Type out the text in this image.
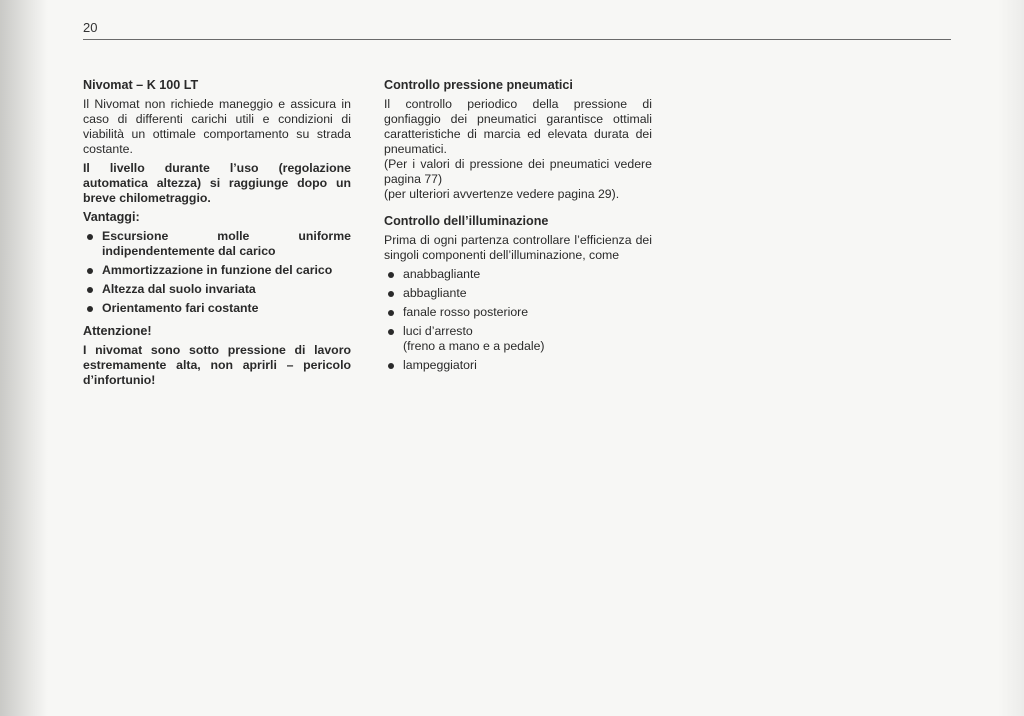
20
Nivomat – K 100 LT
Il Nivomat non richiede maneggio e assicura in caso di differenti carichi utili e condizioni di viabilità un ottimale comportamento su strada costante.
Il livello durante l’uso (regolazione automatica altezza) si raggiunge dopo un breve chilometraggio.
Vantaggi:
Escursione molle uniforme indipendentemente dal carico
Ammortizzazione in funzione del carico
Altezza dal suolo invariata
Orientamento fari costante
Attenzione!
I nivomat sono sotto pressione di lavoro estremamente alta, non aprirli – pericolo d’infortunio!
Controllo pressione pneumatici
Il controllo periodico della pressione di gonfiaggio dei pneumatici garantisce ottimali caratteristiche di marcia ed elevata durata dei pneumatici.
(Per i valori di pressione dei pneumatici vedere pagina 77)
(per ulteriori avvertenze vedere pagina 29).
Controllo dell’illuminazione
Prima di ogni partenza controllare l’efficienza dei singoli componenti dell’illuminazione, come
anabbagliante
abbagliante
fanale rosso posteriore
luci d’arresto
(freno a mano e a pedale)
lampeggiatori
